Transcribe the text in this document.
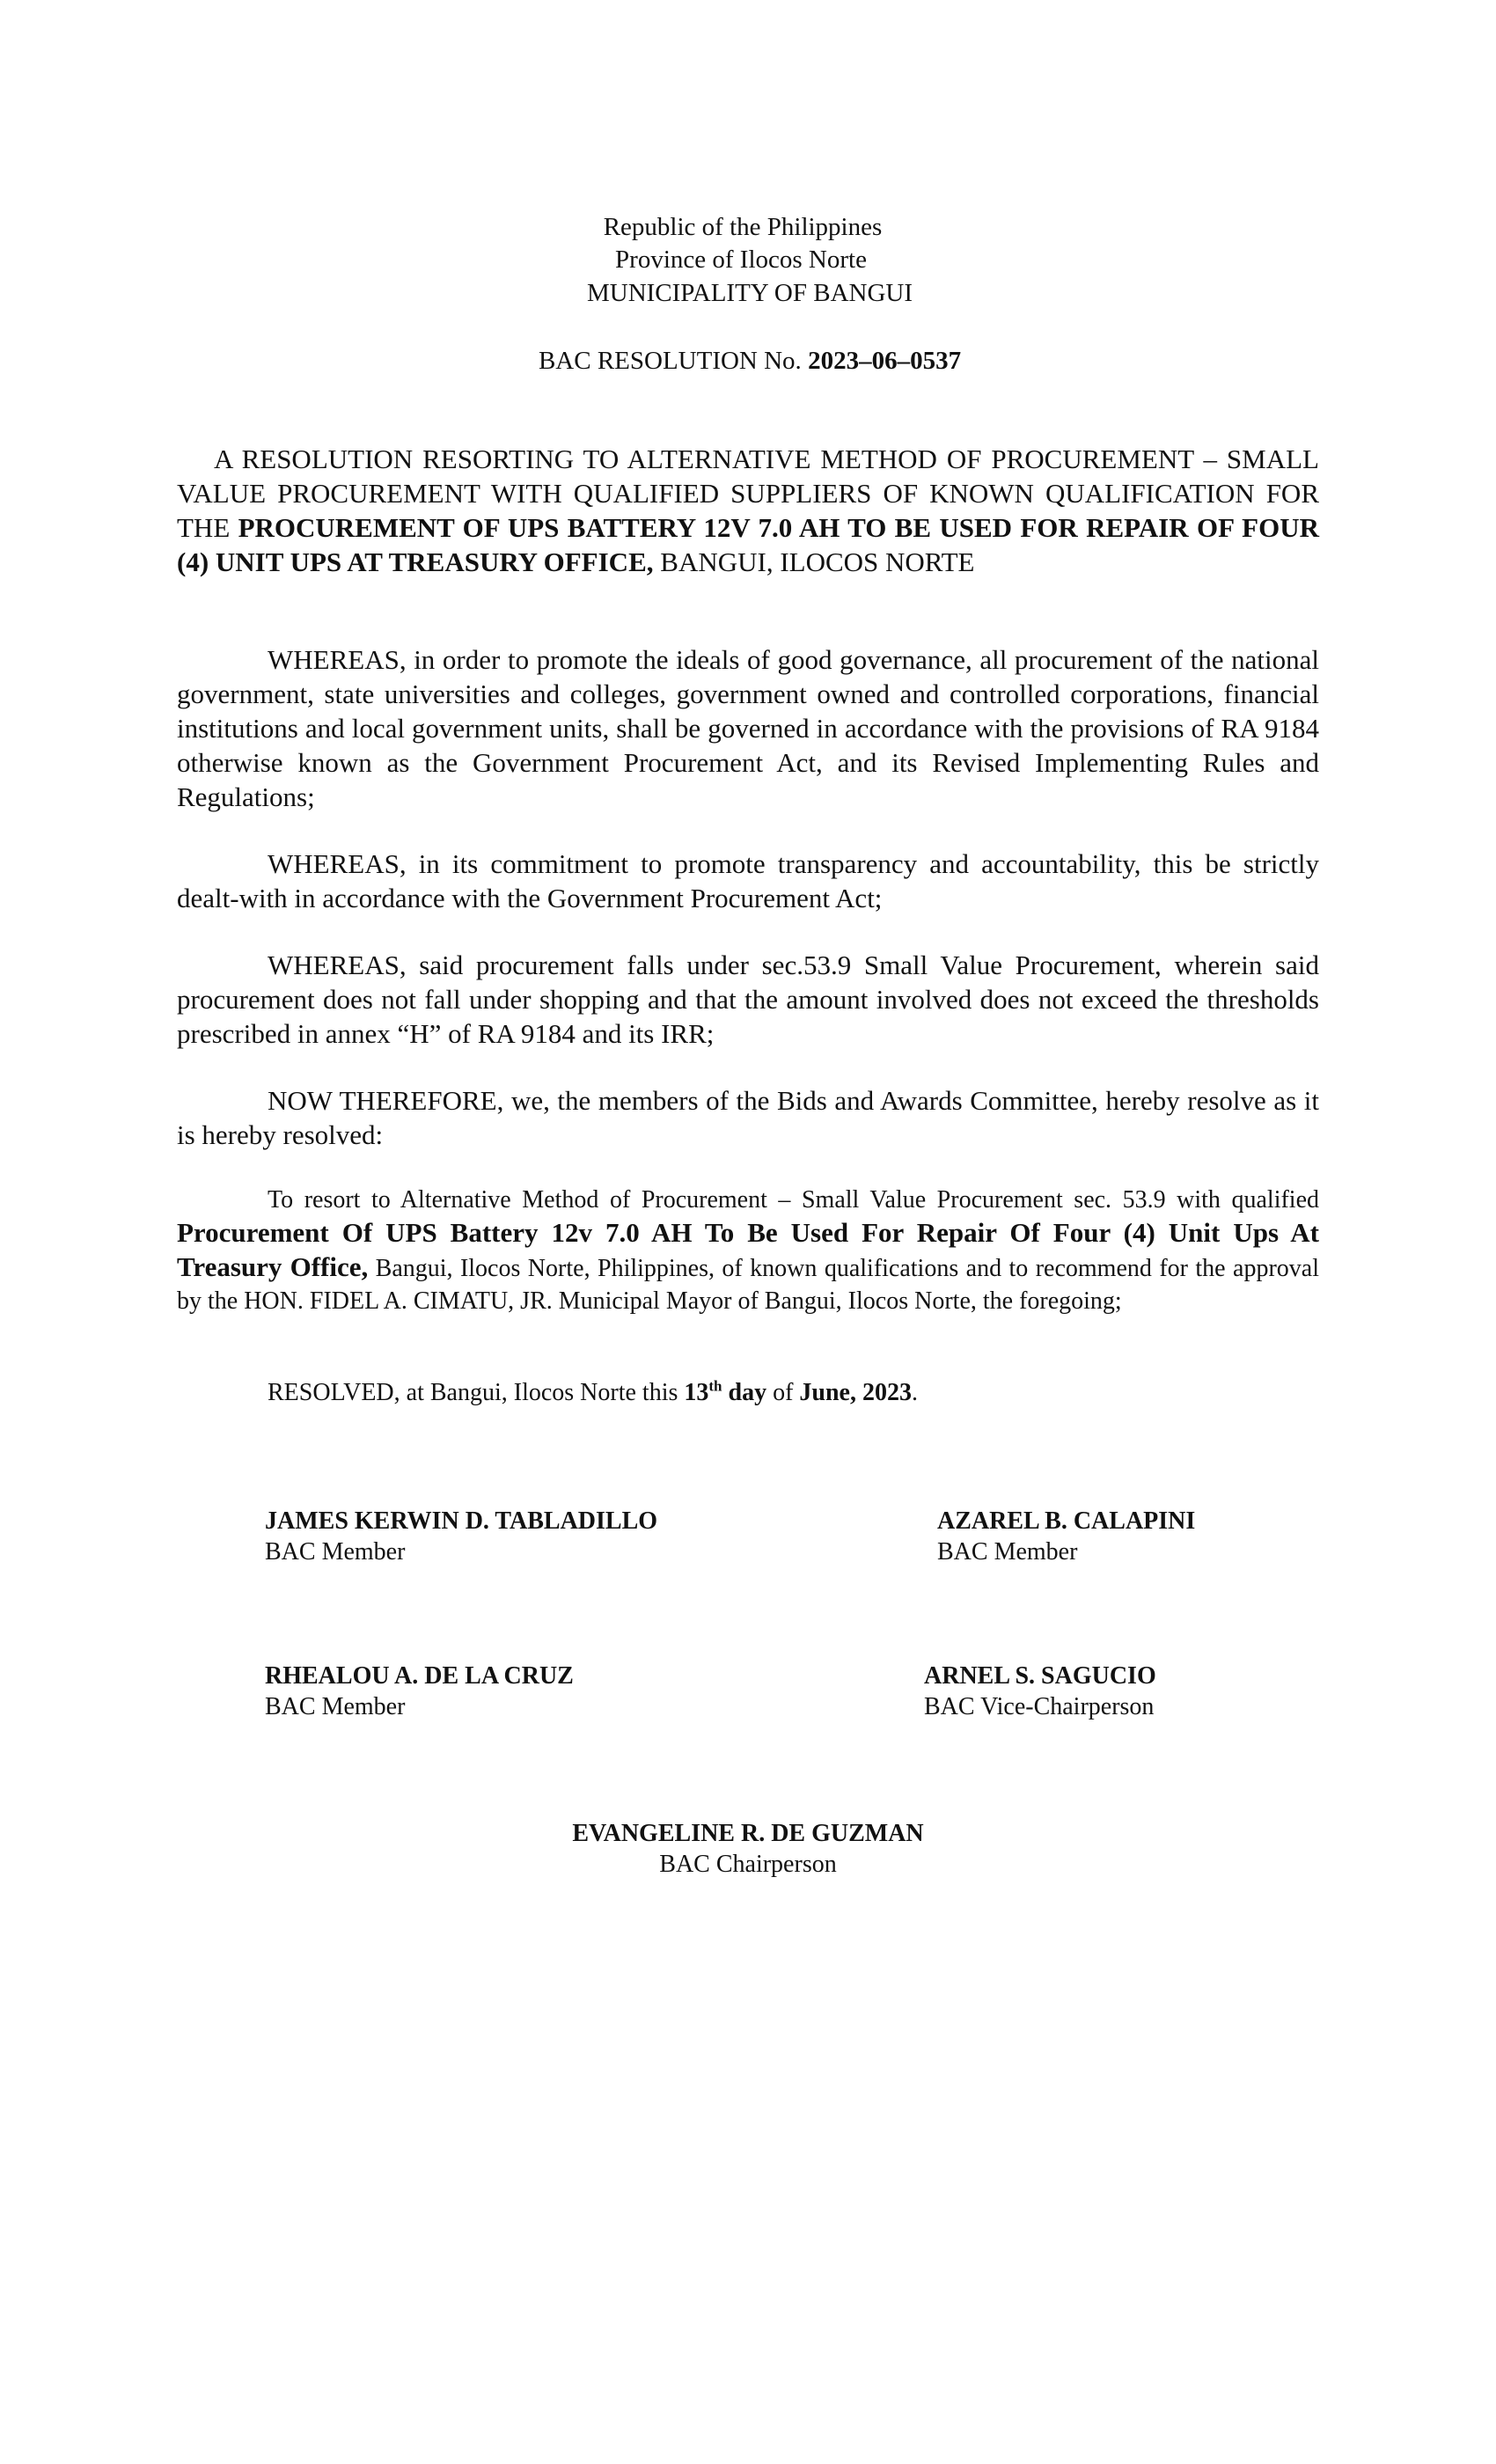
Republic of the Philippines
Province of Ilocos Norte
MUNICIPALITY OF BANGUI
BAC RESOLUTION No. 2023–06–0537
A RESOLUTION RESORTING TO ALTERNATIVE METHOD OF PROCUREMENT – SMALL VALUE PROCUREMENT WITH QUALIFIED SUPPLIERS OF KNOWN QUALIFICATION FOR THE PROCUREMENT OF UPS BATTERY 12V 7.0 AH TO BE USED FOR REPAIR OF FOUR (4) UNIT UPS AT TREASURY OFFICE, BANGUI, ILOCOS NORTE
WHEREAS, in order to promote the ideals of good governance, all procurement of the national government, state universities and colleges, government owned and controlled corporations, financial institutions and local government units, shall be governed in accordance with the provisions of RA 9184 otherwise known as the Government Procurement Act, and its Revised Implementing Rules and Regulations;
WHEREAS, in its commitment to promote transparency and accountability, this be strictly dealt-with in accordance with the Government Procurement Act;
WHEREAS, said procurement falls under sec.53.9 Small Value Procurement, wherein said procurement does not fall under shopping and that the amount involved does not exceed the thresholds prescribed in annex “H” of RA 9184 and its IRR;
NOW THEREFORE, we, the members of the Bids and Awards Committee, hereby resolve as it is hereby resolved:
To resort to Alternative Method of Procurement – Small Value Procurement sec. 53.9 with qualified Procurement Of UPS Battery 12v 7.0 AH To Be Used For Repair Of Four (4) Unit Ups At Treasury Office, Bangui, Ilocos Norte, Philippines, of known qualifications and to recommend for the approval by the HON. FIDEL A. CIMATU, JR. Municipal Mayor of Bangui, Ilocos Norte, the foregoing;
RESOLVED, at Bangui, Ilocos Norte this 13th day of June, 2023.
JAMES KERWIN D. TABLADILLO
BAC Member
AZAREL B. CALAPINI
BAC Member
RHEALOU A. DE LA CRUZ
BAC Member
ARNEL S. SAGUCIO
BAC Vice-Chairperson
EVANGELINE R. DE GUZMAN
BAC Chairperson
